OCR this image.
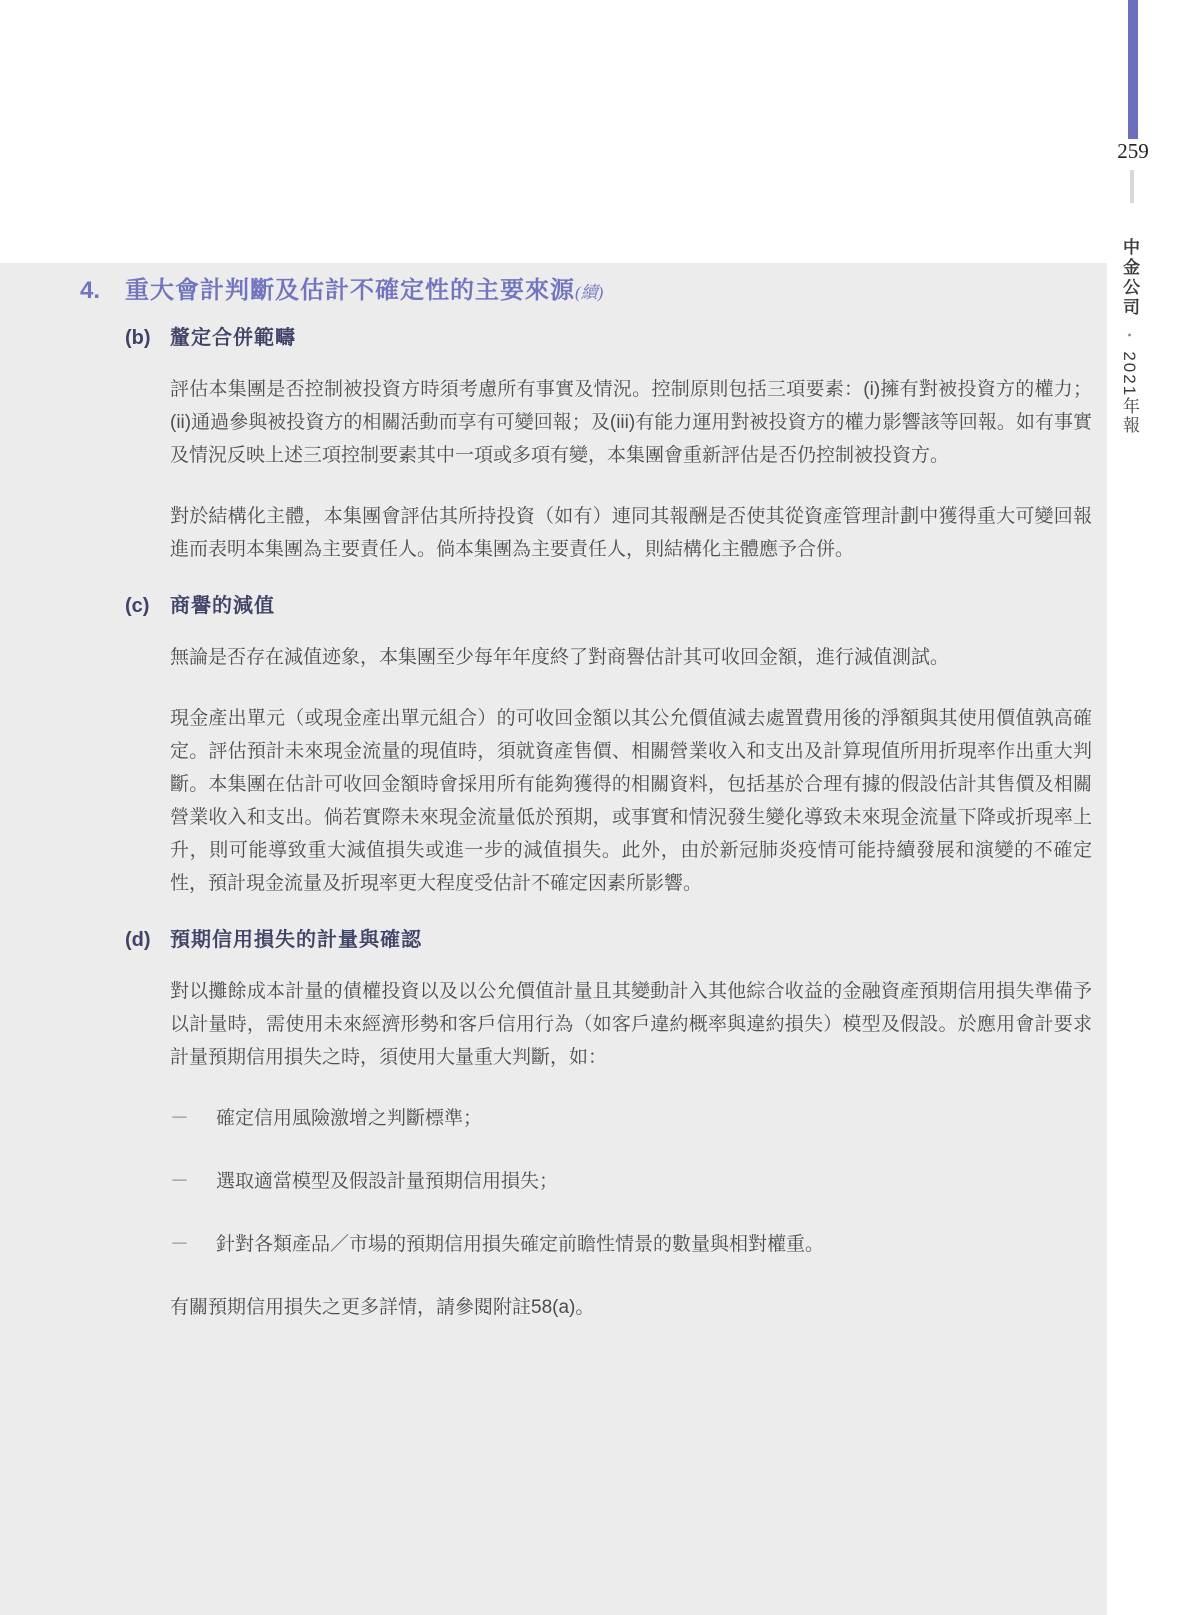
259
中金公司 • 2021年報
4.	重大會計判斷及估計不確定性的主要來源(續)
(b) 釐定合併範疇

評估本集團是否控制被投資方時須考慮所有事實及情況。控制原則包括三項要素：(i)擁有對被投資方的權力；(ii)通過參與被投資方的相關活動而享有可變回報；及(iii)有能力運用對被投資方的權力影響該等回報。如有事實及情況反映上述三項控制要素其中一項或多項有變，本集團會重新評估是否仍控制被投資方。

對於結構化主體，本集團會評估其所持投資（如有）連同其報酬是否使其從資產管理計劃中獲得重大可變回報進而表明本集團為主要責任人。倘本集團為主要責任人，則結構化主體應予合併。

(c)	商譽的減值

無論是否存在減值迹象，本集團至少每年年度終了對商譽估計其可收回金額，進行減值測試。

現金產出單元（或現金產出單元組合）的可收回金額以其公允價值減去處置費用後的淨額與其使用價值孰高確定。評估預計未來現金流量的現值時，須就資產售價、相關營業收入和支出及計算現值所用折現率作出重大判斷。本集團在估計可收回金額時會採用所有能夠獲得的相關資料，包括基於合理有據的假設估計其售價及相關營業收入和支出。倘若實際未來現金流量低於預期，或事實和情況發生變化導致未來現金流量下降或折現率上升，則可能導致重大減值損失或進一步的減值損失。此外，由於新冠肺炎疫情可能持續發展和演變的不確定性，預計現金流量及折現率更大程度受估計不確定因素所影響。

(d) 預期信用損失的計量與確認

對以攤餘成本計量的債權投資以及以公允價值計量且其變動計入其他綜合收益的金融資產預期信用損失準備予以計量時，需使用未來經濟形勢和客戶信用行為（如客戶違約概率與違約損失）模型及假設。於應用會計要求計量預期信用損失之時，須使用大量重大判斷，如：

－	確定信用風險激增之判斷標準；
－	選取適當模型及假設計量預期信用損失；
－	針對各類產品／市場的預期信用損失確定前瞻性情景的數量與相對權重。

有關預期信用損失之更多詳情，請參閱附註58(a)。
